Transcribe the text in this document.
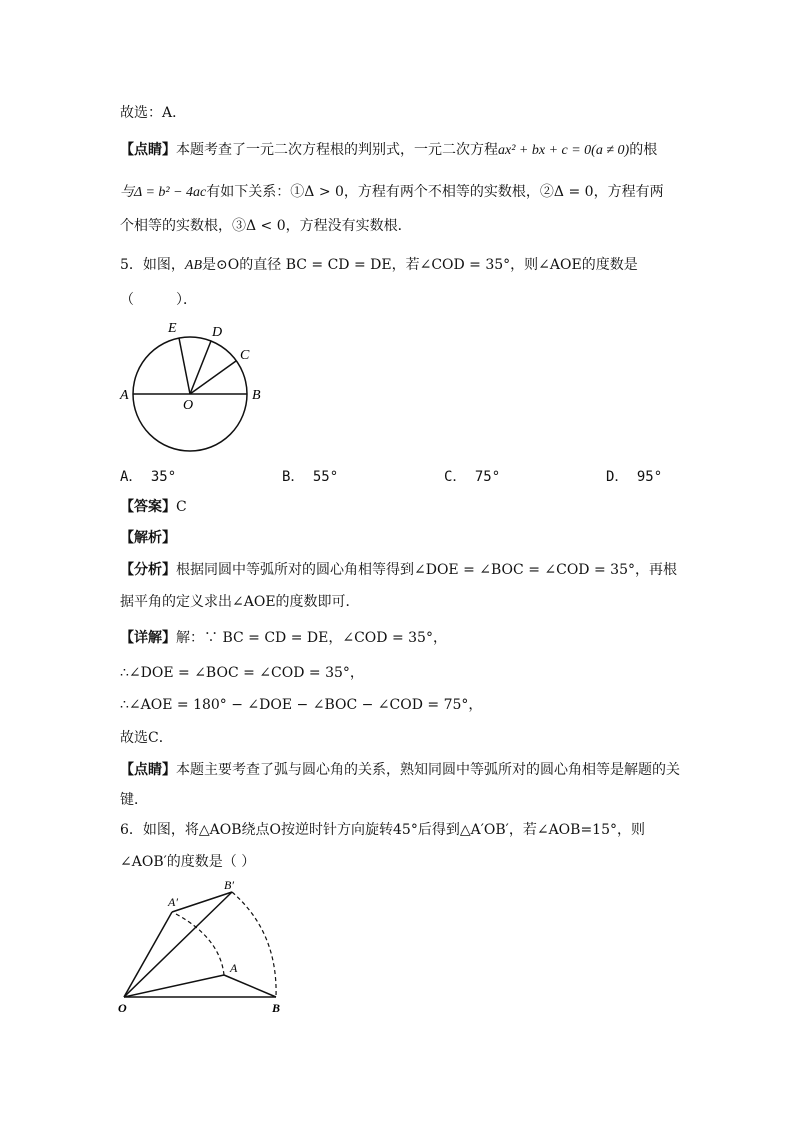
故选：A．
【点睛】本题考查了一元二次方程根的判别式，一元二次方程ax² + bx + c = 0(a ≠ 0)的根
与Δ = b² − 4ac有如下关系：①Δ > 0，方程有两个不相等的实数根，②Δ = 0，方程有两
个相等的实数根，③Δ < 0，方程没有实数根．
5．如图，AB是⊙O的直径 BC = CD = DE，若∠COD = 35°，则∠AOE的度数是
（　　　）．
E	D
C
A
O
B
A． 35°	B． 55°	C． 75°	D． 95°
【答案】C
【解析】
【分析】根据同圆中等弧所对的圆心角相等得到∠DOE = ∠BOC = ∠COD = 35°，再根
据平角的定义求出∠AOE的度数即可．
【详解】解：∵ BC = CD = DE，∠COD = 35°，
∴∠DOE = ∠BOC = ∠COD = 35°，
∴∠AOE = 180° − ∠DOE − ∠BOC − ∠COD = 75°，
故选C．
【点睛】本题主要考查了弧与圆心角的关系，熟知同圆中等弧所对的圆心角相等是解题的关
键．
6．如图，将△AOB绕点O按逆时针方向旋转45°后得到△A′OB′，若∠AOB=15°，则
∠AOB′的度数是（ ）
A′
B′
A
O	B
